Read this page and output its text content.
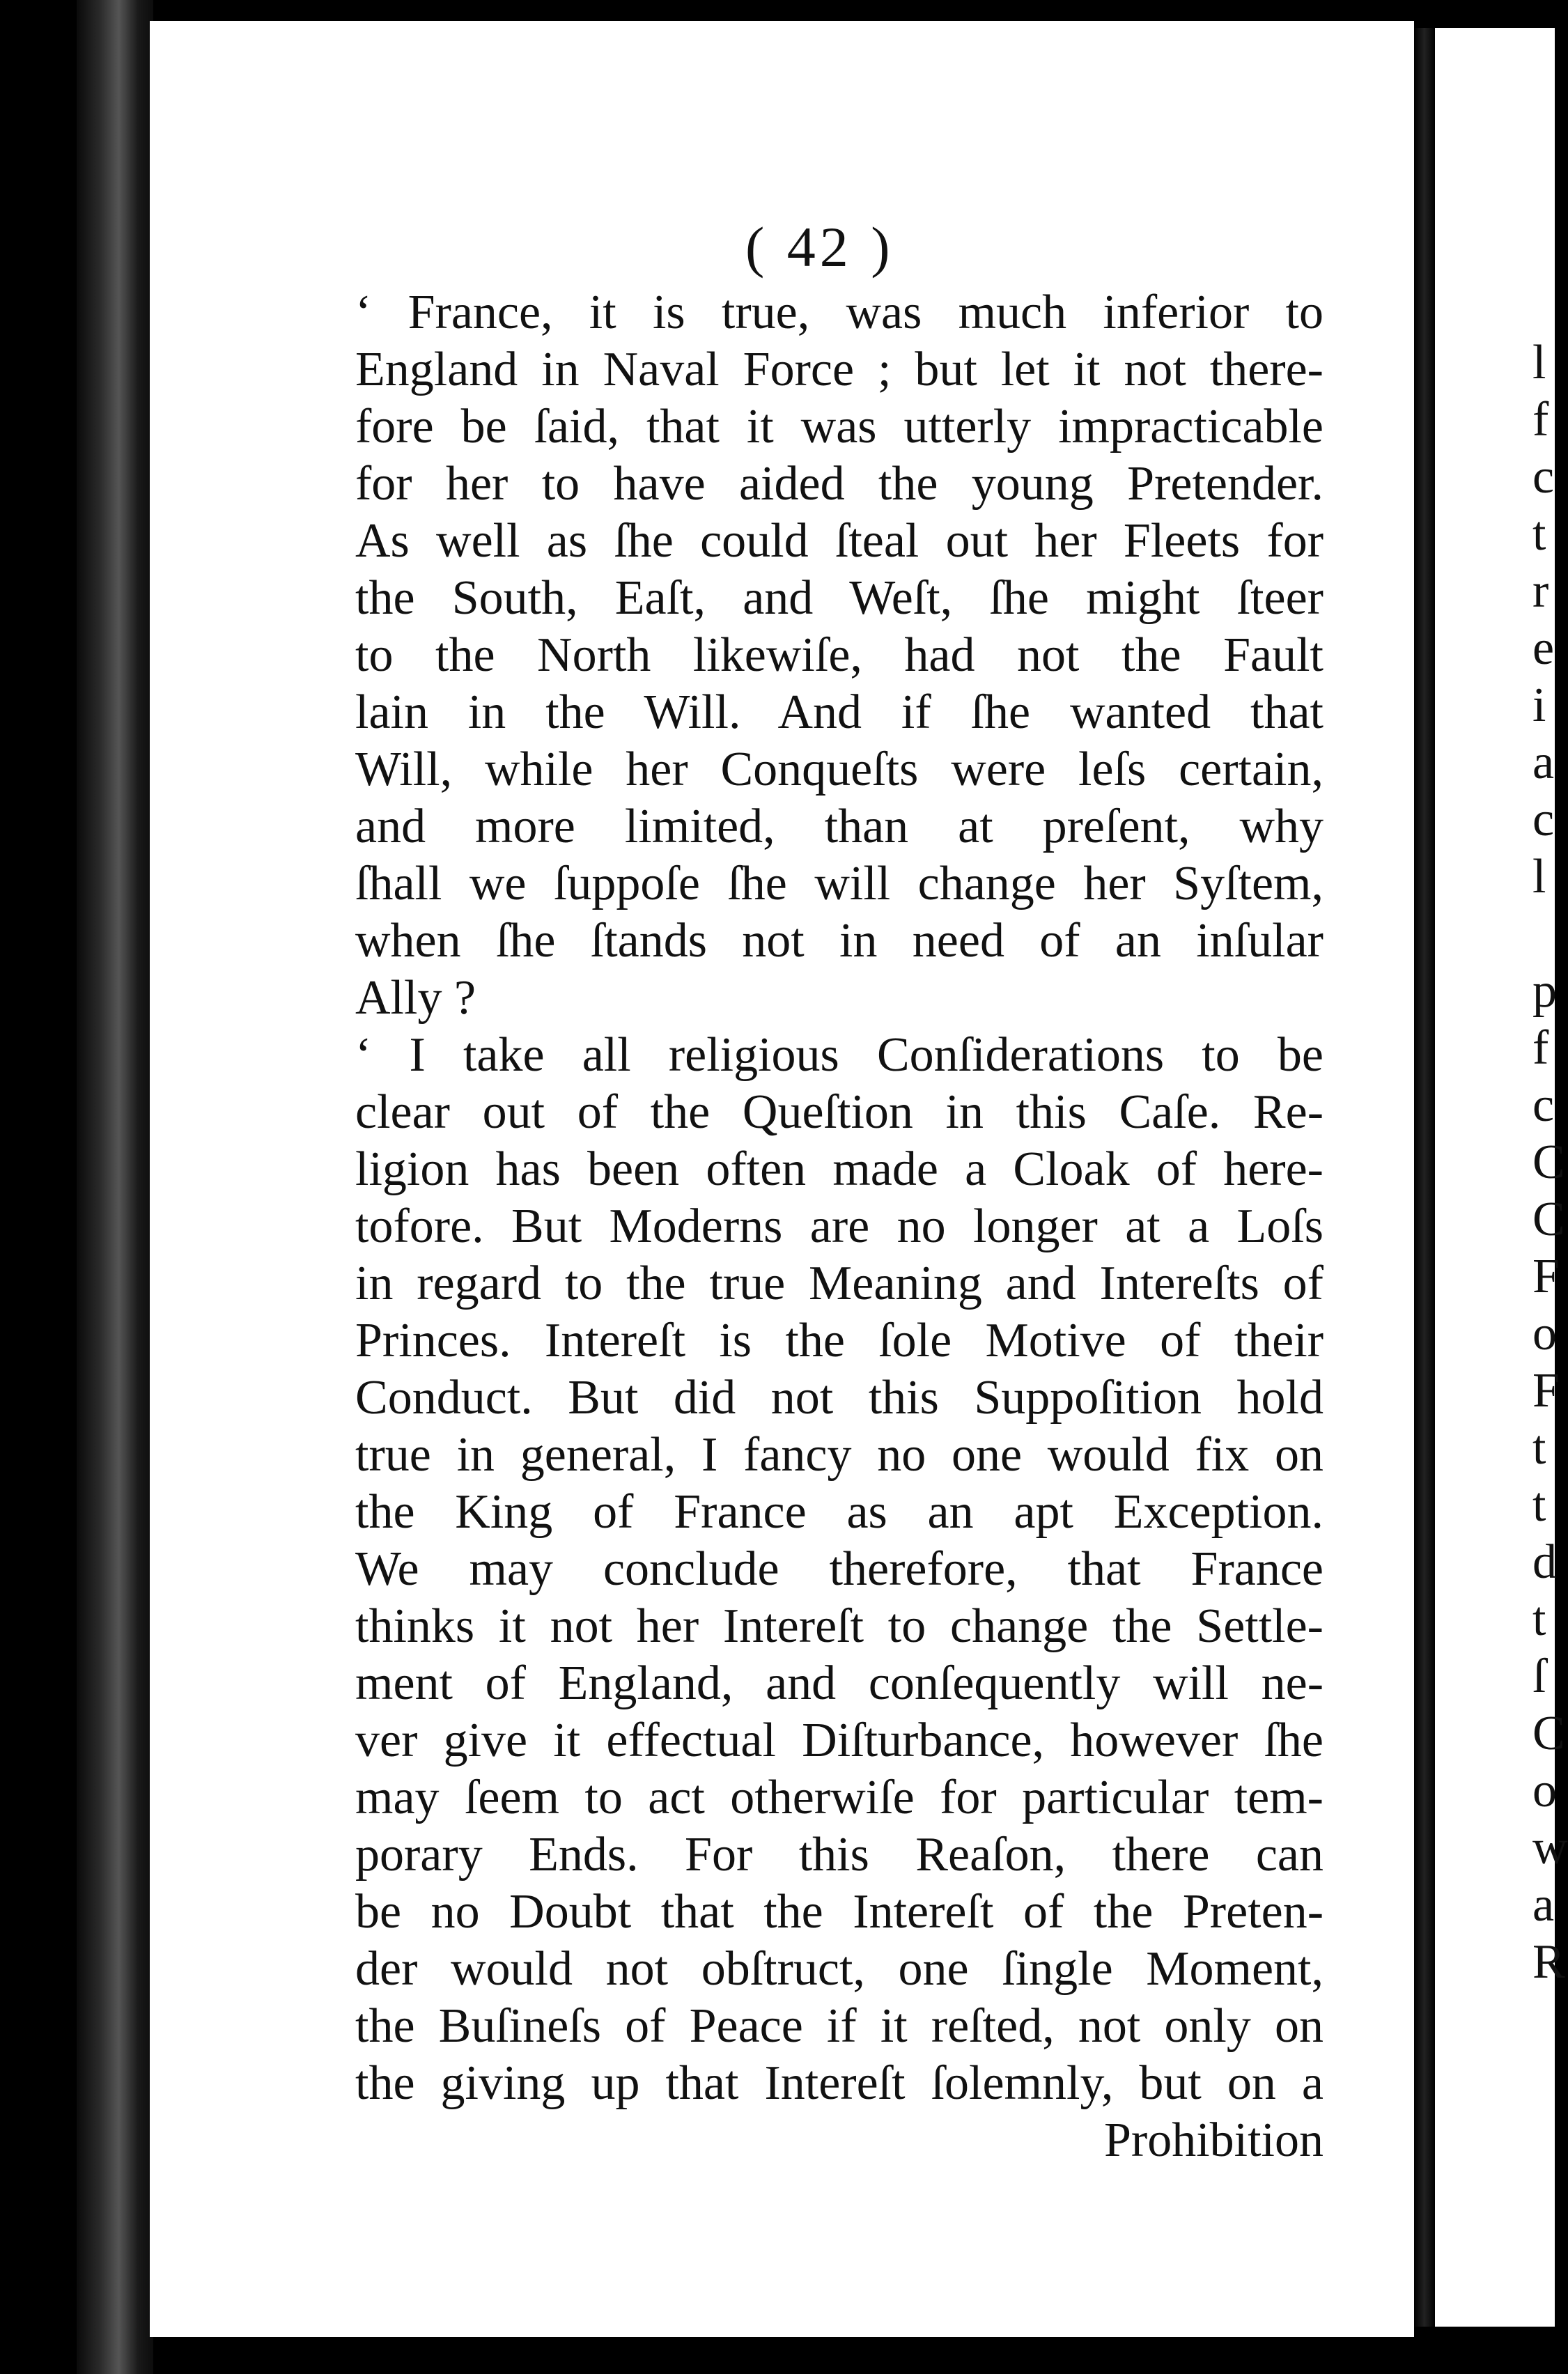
( 42 )
‘ France, it is true, was much inferior to
England in Naval Force ; but let it not there-
fore be ſaid, that it was utterly impracticable
for her to have aided the young Pretender.
As well as ſhe could ſteal out her Fleets for
the South, Eaſt, and Weſt, ſhe might ſteer
to the North likewiſe, had not the Fault
lain in the Will. And if ſhe wanted that
Will, while her Conqueſts were leſs certain,
and more limited, than at preſent, why
ſhall we ſuppoſe ſhe will change her Syſtem,
when ſhe ſtands not in need of an inſular
Ally ?
‘ I take all religious Conſiderations to be
clear out of the Queſtion in this Caſe. Re-
ligion has been often made a Cloak of here-
tofore. But Moderns are no longer at a Loſs
in regard to the true Meaning and Intereſts of
Princes. Intereſt is the ſole Motive of their
Conduct. But did not this Suppoſition hold
true in general, I fancy no one would fix on
the King of France as an apt Exception.
We may conclude therefore, that France
thinks it not her Intereſt to change the Settle-
ment of England, and conſequently will ne-
ver give it effectual Diſturbance, however ſhe
may ſeem to act otherwiſe for particular tem-
porary Ends. For this Reaſon, there can
be no Doubt that the Intereſt of the Preten-
der would not obſtruct, one ſingle Moment,
the Buſineſs of Peace if it reſted, not only on
the giving up that Intereſt ſolemnly, but on a
Prohibition
l
f
c
t
r
e
i
a
c
l
p
f
c
C
C
F
o
F
t
t
d
t
ſ
C
o
w
a
R
